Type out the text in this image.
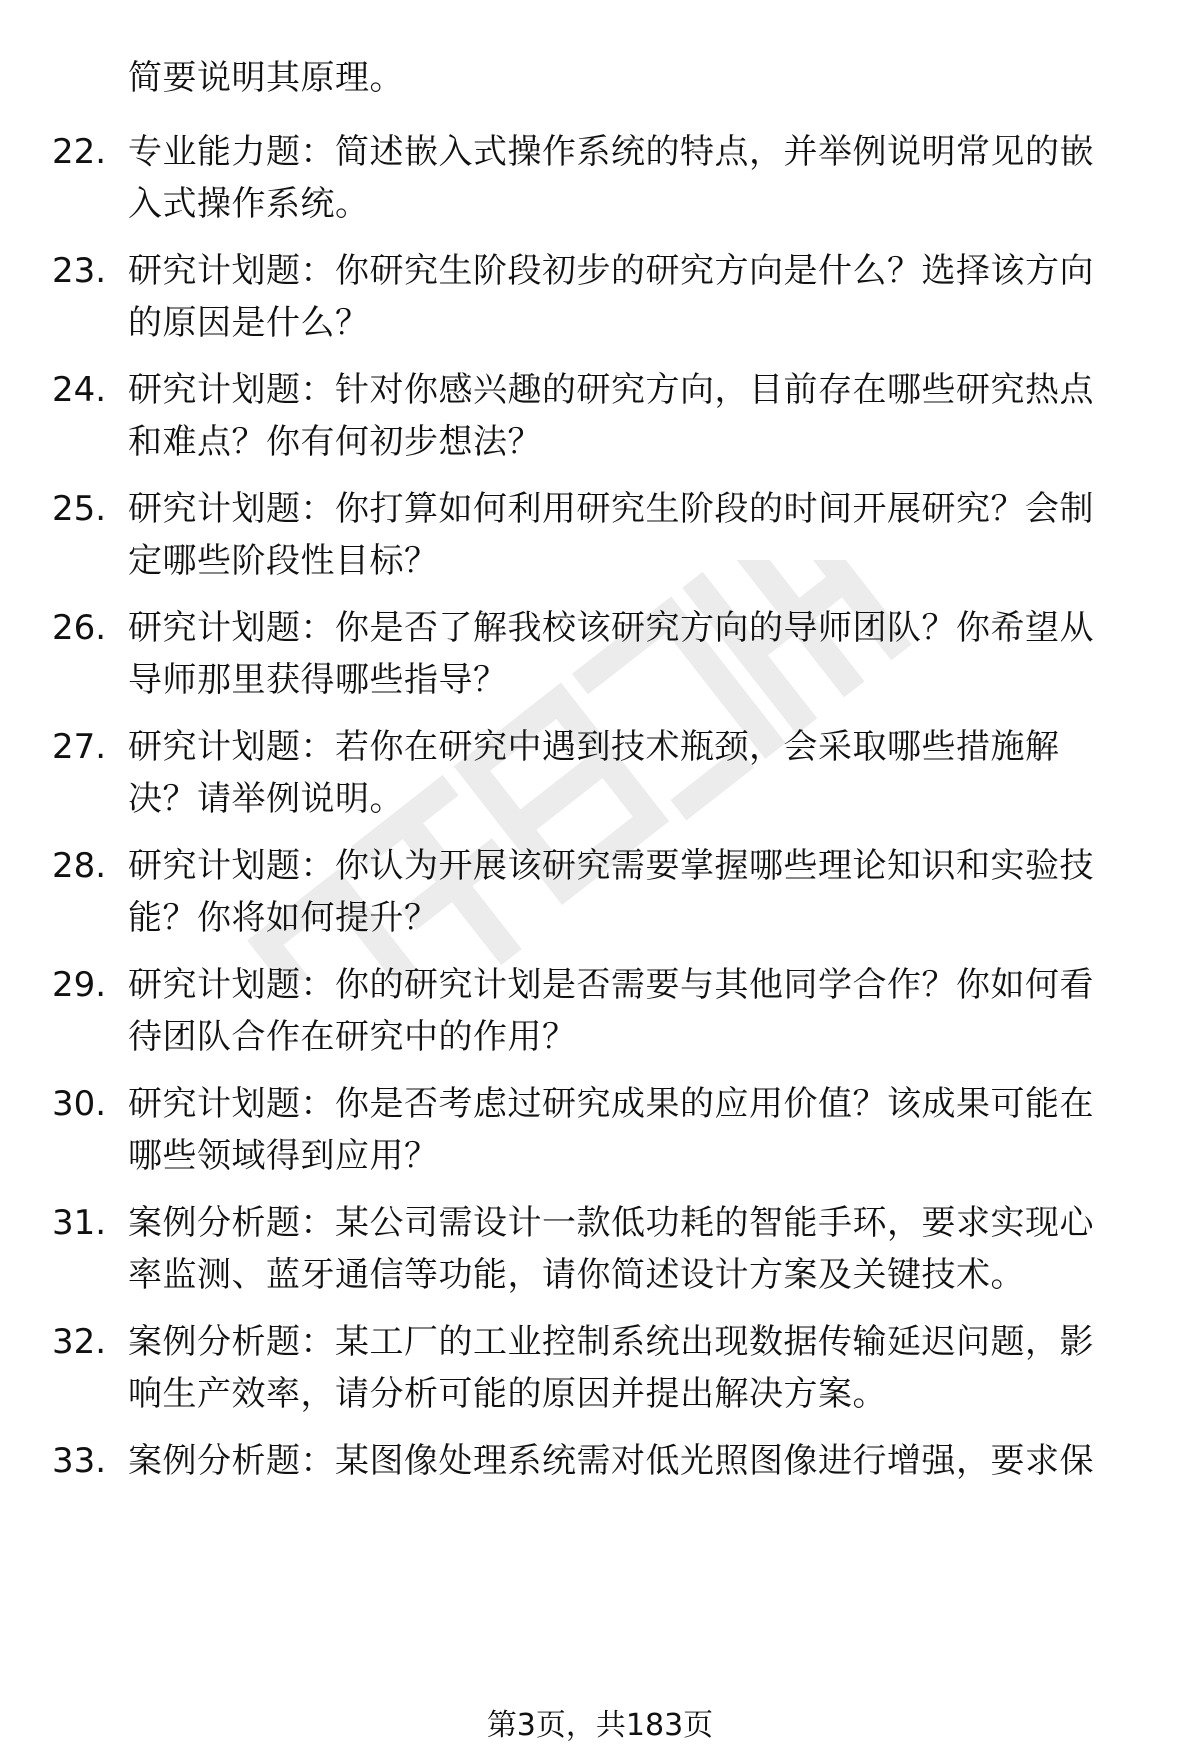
简要说明其原理。
22. 专业能力题：简述嵌入式操作系统的特点，并举例说明常见的嵌
入式操作系统。
23. 研究计划题：你研究生阶段初步的研究方向是什么？选择该方向
的原因是什么？
24. 研究计划题：针对你感兴趣的研究方向，目前存在哪些研究热点
和难点？你有何初步想法？
25. 研究计划题：你打算如何利用研究生阶段的时间开展研究？会制
定哪些阶段性目标？
26. 研究计划题：你是否了解我校该研究方向的导师团队？你希望从
导师那里获得哪些指导？
27. 研究计划题：若你在研究中遇到技术瓶颈，会采取哪些措施解
决？请举例说明。
28. 研究计划题：你认为开展该研究需要掌握哪些理论知识和实验技
能？你将如何提升？
29. 研究计划题：你的研究计划是否需要与其他同学合作？你如何看
待团队合作在研究中的作用？
30. 研究计划题：你是否考虑过研究成果的应用价值？该成果可能在
哪些领域得到应用？
31. 案例分析题：某公司需设计一款低功耗的智能手环，要求实现心
率监测、蓝牙通信等功能，请你简述设计方案及关键技术。
32. 案例分析题：某工厂的工业控制系统出现数据传输延迟问题，影
响生产效率，请分析可能的原因并提出解决方案。
33. 案例分析题：某图像处理系统需对低光照图像进行增强，要求保
第3页，共183页
